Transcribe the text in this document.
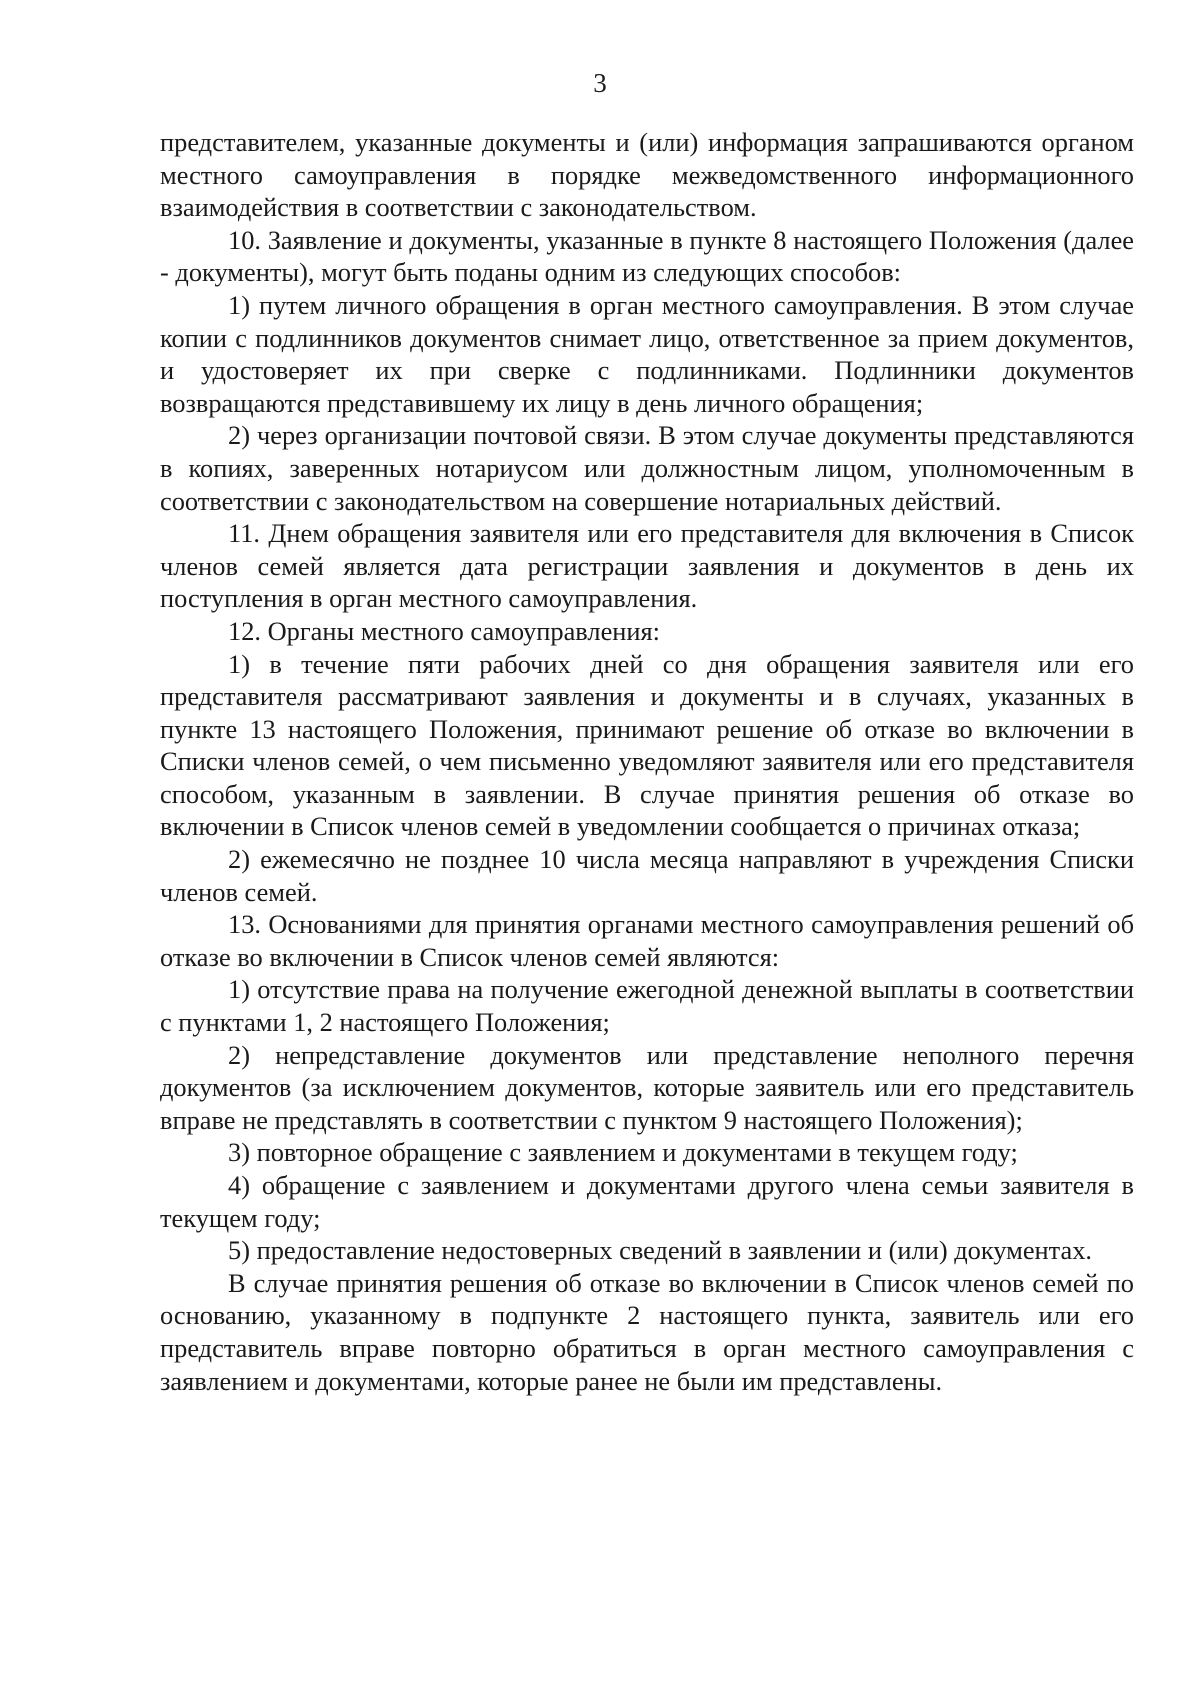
3

представителем, указанные документы и (или) информация запрашиваются органом местного самоуправления в порядке межведомственного информационного взаимодействия в соответствии с законодательством.

10. Заявление и документы, указанные в пункте 8 настоящего Положения (далее - документы), могут быть поданы одним из следующих способов:

1) путем личного обращения в орган местного самоуправления. В этом случае копии с подлинников документов снимает лицо, ответственное за прием документов, и удостоверяет их при сверке с подлинниками. Подлинники документов возвращаются представившему их лицу в день личного обращения;

2) через организации почтовой связи. В этом случае документы представляются в копиях, заверенных нотариусом или должностным лицом, уполномоченным в соответствии с законодательством на совершение нотариальных действий.

11. Днем обращения заявителя или его представителя для включения в Список членов семей является дата регистрации заявления и документов в день их поступления в орган местного самоуправления.

12. Органы местного самоуправления:

1) в течение пяти рабочих дней со дня обращения заявителя или его представителя рассматривают заявления и документы и в случаях, указанных в пункте 13 настоящего Положения, принимают решение об отказе во включении в Списки членов семей, о чем письменно уведомляют заявителя или его представителя способом, указанным в заявлении. В случае принятия решения об отказе во включении в Список членов семей в уведомлении сообщается о причинах отказа;

2) ежемесячно не позднее 10 числа месяца направляют в учреждения Списки членов семей.

13. Основаниями для принятия органами местного самоуправления решений об отказе во включении в Список членов семей являются:

1) отсутствие права на получение ежегодной денежной выплаты в соответствии с пунктами 1, 2 настоящего Положения;

2) непредставление документов или представление неполного перечня документов (за исключением документов, которые заявитель или его представитель вправе не представлять в соответствии с пунктом 9 настоящего Положения);

3) повторное обращение с заявлением и документами в текущем году;

4) обращение с заявлением и документами другого члена семьи заявителя в текущем году;

5) предоставление недостоверных сведений в заявлении и (или) документах.

В случае принятия решения об отказе во включении в Список членов семей по основанию, указанному в подпункте 2 настоящего пункта, заявитель или его представитель вправе повторно обратиться в орган местного самоуправления с заявлением и документами, которые ранее не были им представлены.
